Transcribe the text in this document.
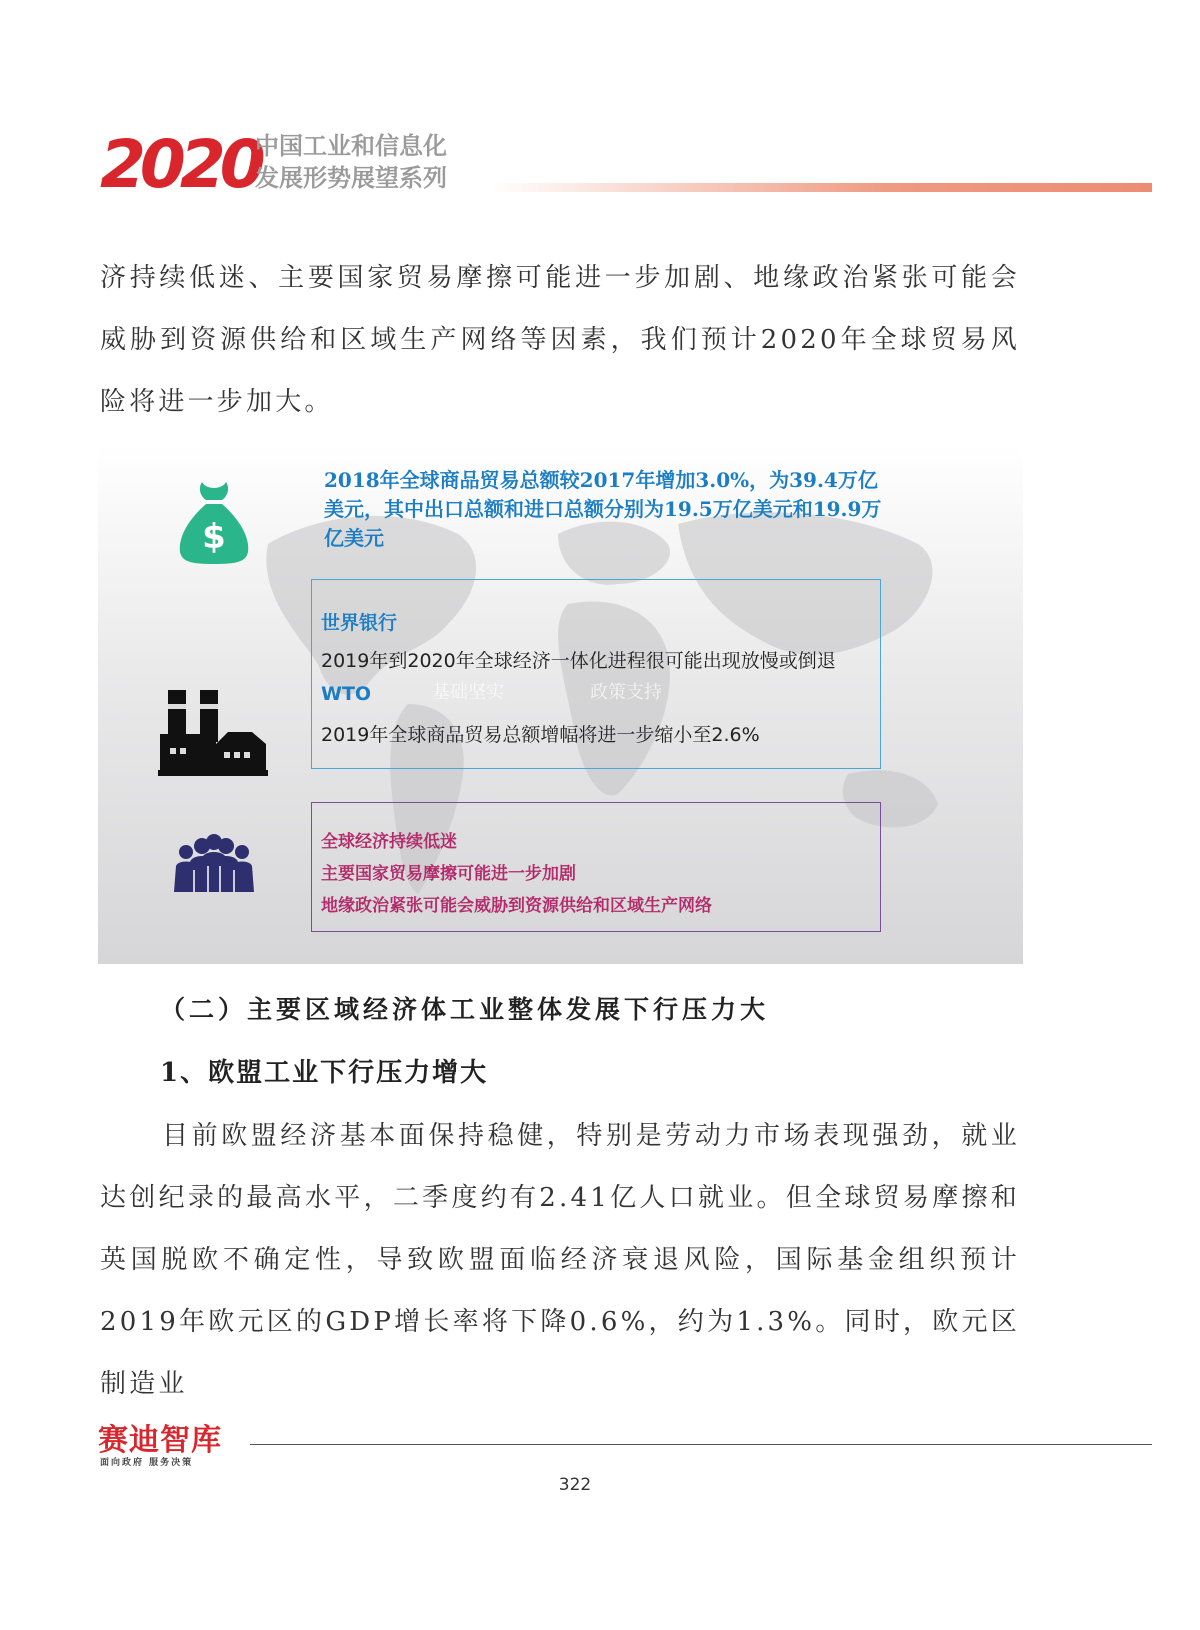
2020
中国工业和信息化
发展形势展望系列
济持续低迷、主要国家贸易摩擦可能进一步加剧、地缘政治紧张可能会威胁到资源供给和区域生产网络等因素，我们预计2020年全球贸易风险将进一步加大。
$
2018年全球商品贸易总额较2017年增加3.0%，为39.4万亿美元，其中出口总额和进口总额分别为19.5万亿美元和19.9万亿美元
世界银行
2019年到2020年全球经济一体化进程很可能出现放慢或倒退
WTO	基础坚实	政策支持
2019年全球商品贸易总额增幅将进一步缩小至2.6%
全球经济持续低迷
主要国家贸易摩擦可能进一步加剧
地缘政治紧张可能会威胁到资源供给和区域生产网络
（二）主要区域经济体工业整体发展下行压力大
1、欧盟工业下行压力增大
目前欧盟经济基本面保持稳健，特别是劳动力市场表现强劲，就业达创纪录的最高水平，二季度约有2.41亿人口就业。但全球贸易摩擦和英国脱欧不确定性，导致欧盟面临经济衰退风险，国际基金组织预计2019年欧元区的GDP增长率将下降0.6%，约为1.3%。同时，欧元区制造业
赛迪智库
面向政府 服务决策
322
